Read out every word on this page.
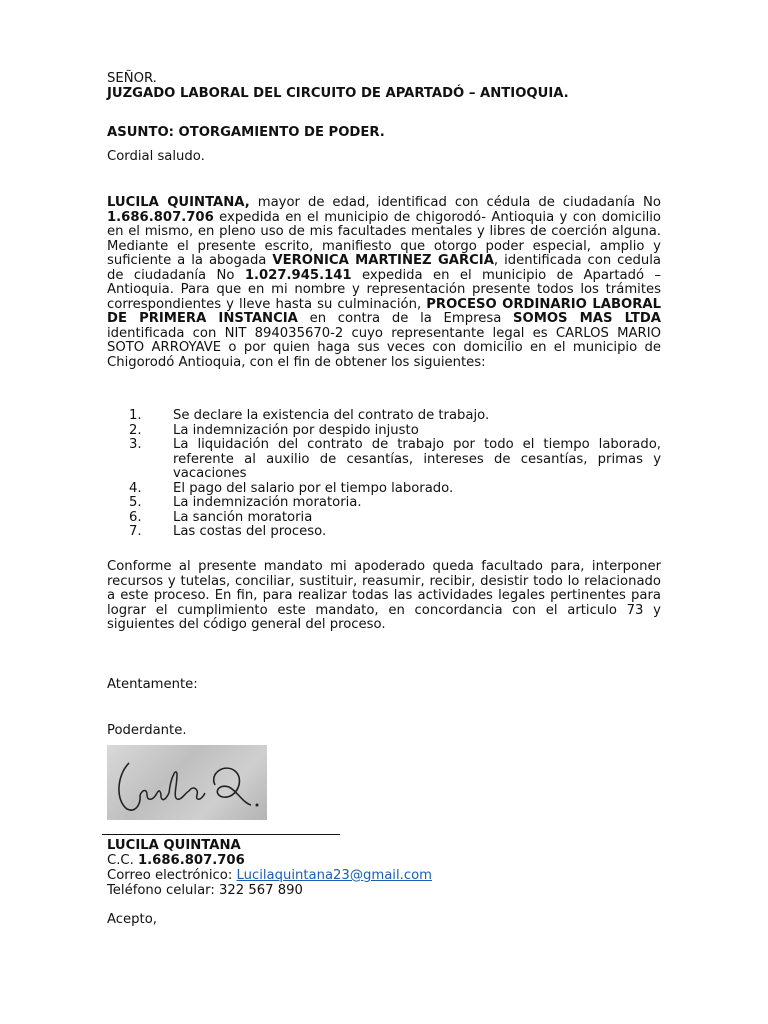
SEÑOR.

JUZGADO LABORAL DEL CIRCUITO DE APARTADÓ – ANTIOQUIA.

ASUNTO: OTORGAMIENTO DE PODER.

Cordial saludo.

LUCILA QUINTANA, mayor de edad, identificad con cédula de ciudadanía No 1.686.807.706 expedida en el municipio de chigorodó- Antioquia y con domicilio en el mismo, en pleno uso de mis facultades mentales y libres de coerción alguna. Mediante el presente escrito, manifiesto que otorgo poder especial, amplio y suficiente a la abogada VERONICA MARTINEZ GARCIA, identificada con cedula de ciudadanía No 1.027.945.141 expedida en el municipio de Apartadó – Antioquia. Para que en mi nombre y representación presente todos los trámites correspondientes y lleve hasta su culminación, PROCESO ORDINARIO LABORAL DE PRIMERA INSTANCIA en contra de la Empresa SOMOS MAS LTDA identificada con NIT 894035670-2 cuyo representante legal es CARLOS MARIO SOTO ARROYAVE o por quien haga sus veces con domicilio en el municipio de Chigorodó Antioquia, con el fin de obtener los siguientes:

1. Se declare la existencia del contrato de trabajo.
2. La indemnización por despido injusto
3. La liquidación del contrato de trabajo por todo el tiempo laborado, referente al auxilio de cesantías, intereses de cesantías, primas y vacaciones
4. El pago del salario por el tiempo laborado.
5. La indemnización moratoria.
6. La sanción moratoria
7. Las costas del proceso.

Conforme al presente mandato mi apoderado queda facultado para, interponer recursos y tutelas, conciliar, sustituir, reasumir, recibir, desistir todo lo relacionado a este proceso. En fin, para realizar todas las actividades legales pertinentes para lograr el cumplimiento este mandato, en concordancia con el articulo 73 y siguientes del código general del proceso.

Atentamente:

Poderdante.

LUCILA QUINTANA

C.C. 1.686.807.706

Correo electrónico: Lucilaquintana23@gmail.com

Teléfono celular: 322 567 890

Acepto,
